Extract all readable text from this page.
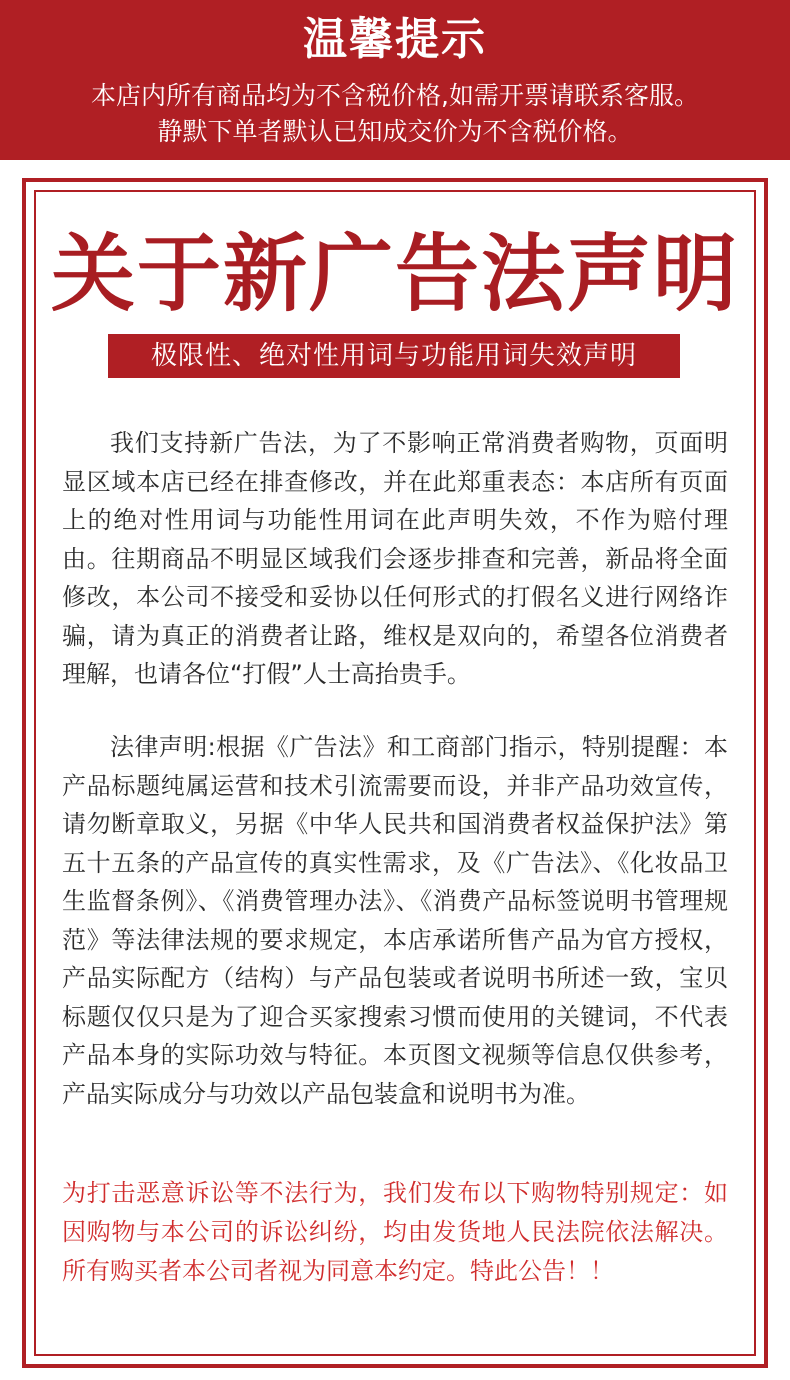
温馨提示
本店内所有商品均为不含税价格,如需开票请联系客服。
静默下单者默认已知成交价为不含税价格。
关于新广告法声明
极限性、绝对性用词与功能用词失效声明
我们支持新广告法，为了不影响正常消费者购物，页面明显区域本店已经在排查修改，并在此郑重表态：本店所有页面上的绝对性用词与功能性用词在此声明失效，不作为赔付理由。往期商品不明显区域我们会逐步排查和完善，新品将全面修改，本公司不接受和妥协以任何形式的打假名义进行网络诈骗，请为真正的消费者让路，维权是双向的，希望各位消费者理解，也请各位“打假”人士高抬贵手。
法律声明:根据《广告法》和工商部门指示，特别提醒：本产品标题纯属运营和技术引流需要而设，并非产品功效宣传，请勿断章取义，另据《中华人民共和国消费者权益保护法》第五十五条的产品宣传的真实性需求，及《广告法》、《化妆品卫生监督条例》、《消费管理办法》、《消费产品标签说明书管理规范》等法律法规的要求规定，本店承诺所售产品为官方授权，产品实际配方（结构）与产品包装或者说明书所述一致，宝贝标题仅仅只是为了迎合买家搜索习惯而使用的关键词，不代表产品本身的实际功效与特征。本页图文视频等信息仅供参考，产品实际成分与功效以产品包装盒和说明书为准。
为打击恶意诉讼等不法行为，我们发布以下购物特别规定：如因购物与本公司的诉讼纠纷，均由发货地人民法院依法解决。所有购买者本公司者视为同意本约定。特此公告！！
